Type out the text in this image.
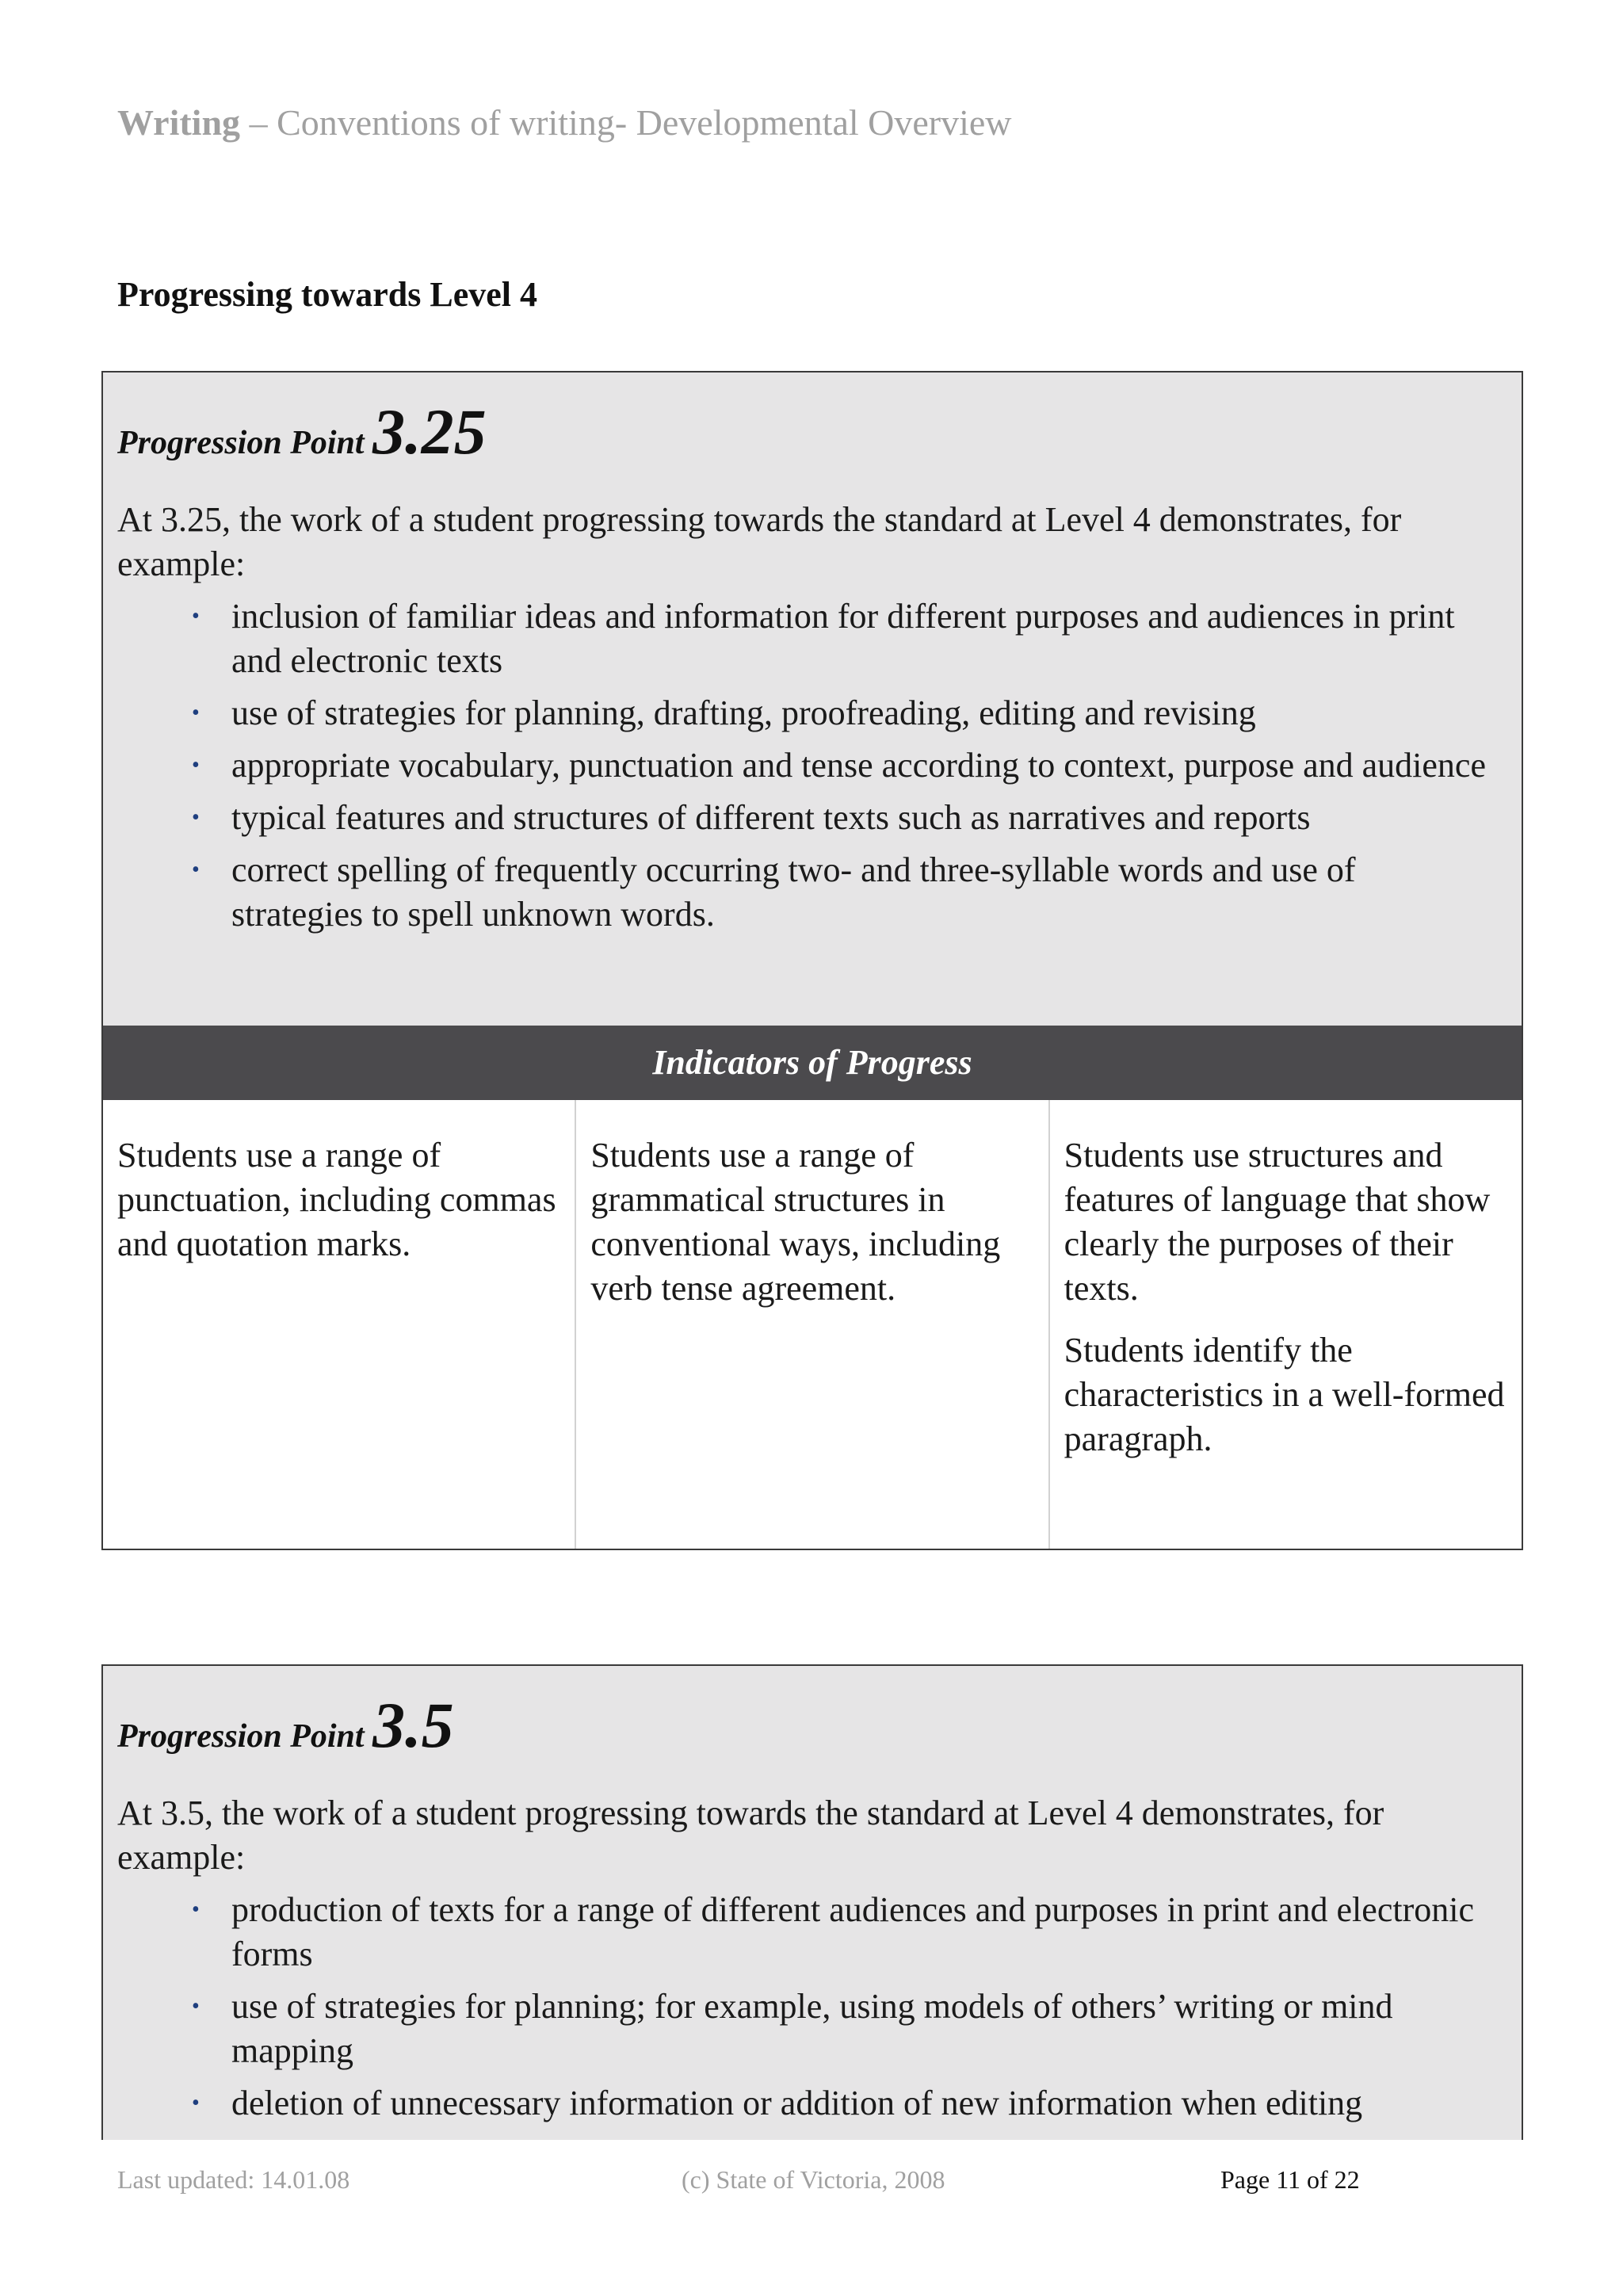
Writing – Conventions of writing- Developmental Overview
Progressing towards Level 4
Progression Point 3.25
At 3.25, the work of a student progressing towards the standard at Level 4 demonstrates, for example:
• inclusion of familiar ideas and information for different purposes and audiences in print and electronic texts
• use of strategies for planning, drafting, proofreading, editing and revising
• appropriate vocabulary, punctuation and tense according to context, purpose and audience
• typical features and structures of different texts such as narratives and reports
• correct spelling of frequently occurring two- and three-syllable words and use of strategies to spell unknown words.
Indicators of Progress

Students use a range of punctuation, including commas and quotation marks.

Students use a range of grammatical structures in conventional ways, including verb tense agreement.

Students use structures and features of language that show clearly the purposes of their texts.

Students identify the characteristics in a well-formed paragraph.

Progression Point 3.5
At 3.5, the work of a student progressing towards the standard at Level 4 demonstrates, for example:
• production of texts for a range of different audiences and purposes in print and electronic forms
• use of strategies for planning; for example, using models of others’ writing or mind mapping
• deletion of unnecessary information or addition of new information when editing
Last updated: 14.01.08	(c) State of Victoria, 2008	Page 11 of 22
